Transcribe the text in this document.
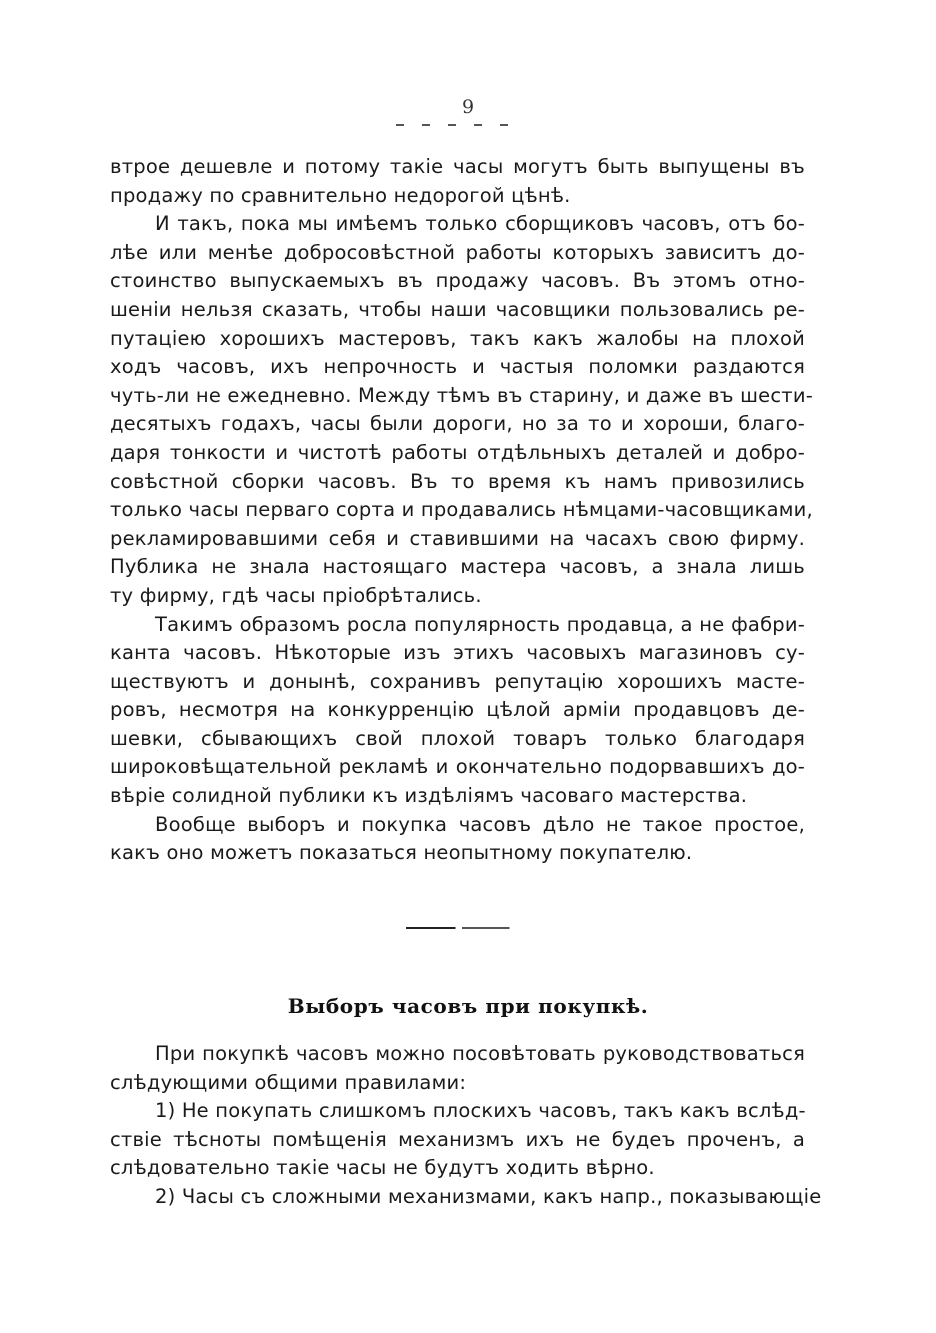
9
втрое дешевле и потому такie часы могутъ быть выпущены въ
продажу по сравнительно недорогой цѣнѣ.
И такъ, пока мы имѣемъ только сборщиковъ часовъ, отъ бо-
лѣе или менѣе добросовѣстной работы которыхъ зависитъ до-
стоинство выпускаемыхъ въ продажу часовъ. Въ этомъ отно-
шенiи нельзя сказать, чтобы наши часовщики пользовались ре-
путацiею хорошихъ мастеровъ, такъ какъ жалобы на плохой
ходъ часовъ, ихъ непрочность и частыя поломки раздаются
чуть-ли не ежедневно. Между тѣмъ въ старину, и даже въ шести-
десятыхъ годахъ, часы были дороги, но за то и хороши, благо-
даря тонкости и чистотѣ работы отдѣльныхъ деталей и добро-
совѣстной сборки часовъ. Въ то время къ намъ привозились
только часы перваго сорта и продавались нѣмцами-часовщиками,
рекламировавшими себя и ставившими на часахъ свою фирму.
Публика не знала настоящаго мастера часовъ, а знала лишь
ту фирму, гдѣ часы прiобрѣтались.
Такимъ образомъ росла популярность продавца, а не фабри-
канта часовъ. Нѣкоторые изъ этихъ часовыхъ магазиновъ су-
ществуютъ и донынѣ, сохранивъ репутацiю хорошихъ масте-
ровъ, несмотря на конкурренцiю цѣлой армiи продавцовъ де-
шевки, сбывающихъ свой плохой товаръ только благодаря
широковѣщательной рекламѣ и окончательно подорвавшихъ до-
вѣрiе солидной публики къ издѣлiямъ часоваго мастерства.
Вообще выборъ и покупка часовъ дѣло не такое простое,
какъ оно можетъ показаться неопытному покупателю.
Выборъ часовъ при покупкѣ.
При покупкѣ часовъ можно посовѣтовать руководствоваться
слѣдующими общими правилами:
1) Не покупать слишкомъ плоскихъ часовъ, такъ какъ вслѣд-
ствiе тѣсноты помѣщенiя механизмъ ихъ не будеъ проченъ, а
слѣдовательно такiе часы не будутъ ходить вѣрно.
2) Часы съ сложными механизмами, какъ напр., показывающiе
